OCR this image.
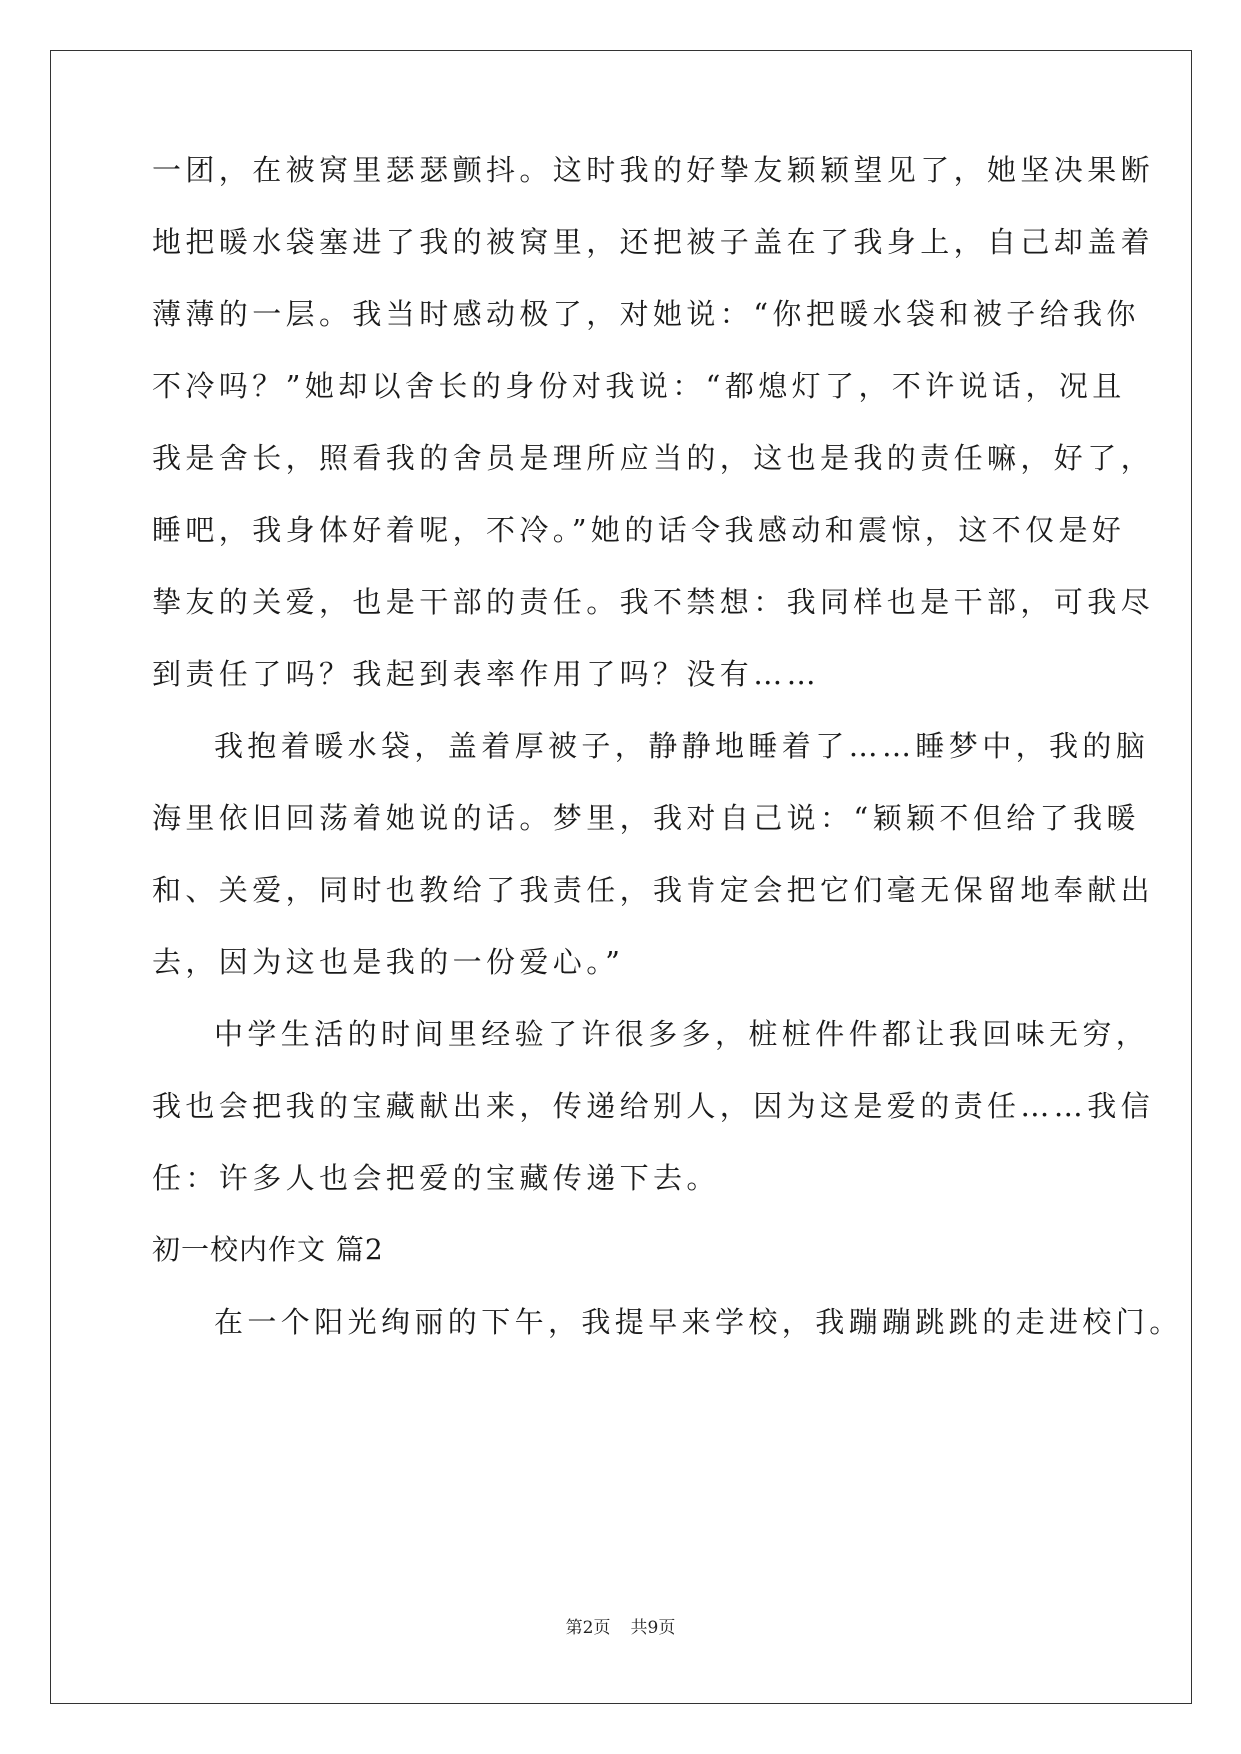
一团，在被窝里瑟瑟颤抖。这时我的好挚友颖颖望见了，她坚决果断
地把暖水袋塞进了我的被窝里，还把被子盖在了我身上，自己却盖着
薄薄的一层。我当时感动极了，对她说：“你把暖水袋和被子给我你
不冷吗？”她却以舍长的身份对我说：“都熄灯了，不许说话，况且
我是舍长，照看我的舍员是理所应当的，这也是我的责任嘛，好了，
睡吧，我身体好着呢，不冷。”她的话令我感动和震惊，这不仅是好
挚友的关爱，也是干部的责任。我不禁想：我同样也是干部，可我尽
到责任了吗？我起到表率作用了吗？没有……
我抱着暖水袋，盖着厚被子，静静地睡着了……睡梦中，我的脑
海里依旧回荡着她说的话。梦里，我对自己说：“颖颖不但给了我暖
和、关爱，同时也教给了我责任，我肯定会把它们毫无保留地奉献出
去，因为这也是我的一份爱心。”
中学生活的时间里经验了许很多多，桩桩件件都让我回味无穷，
我也会把我的宝藏献出来，传递给别人，因为这是爱的责任……我信
任：许多人也会把爱的宝藏传递下去。
初一校内作文 篇2
在一个阳光绚丽的下午，我提早来学校，我蹦蹦跳跳的走进校门。
第2页 共9页
